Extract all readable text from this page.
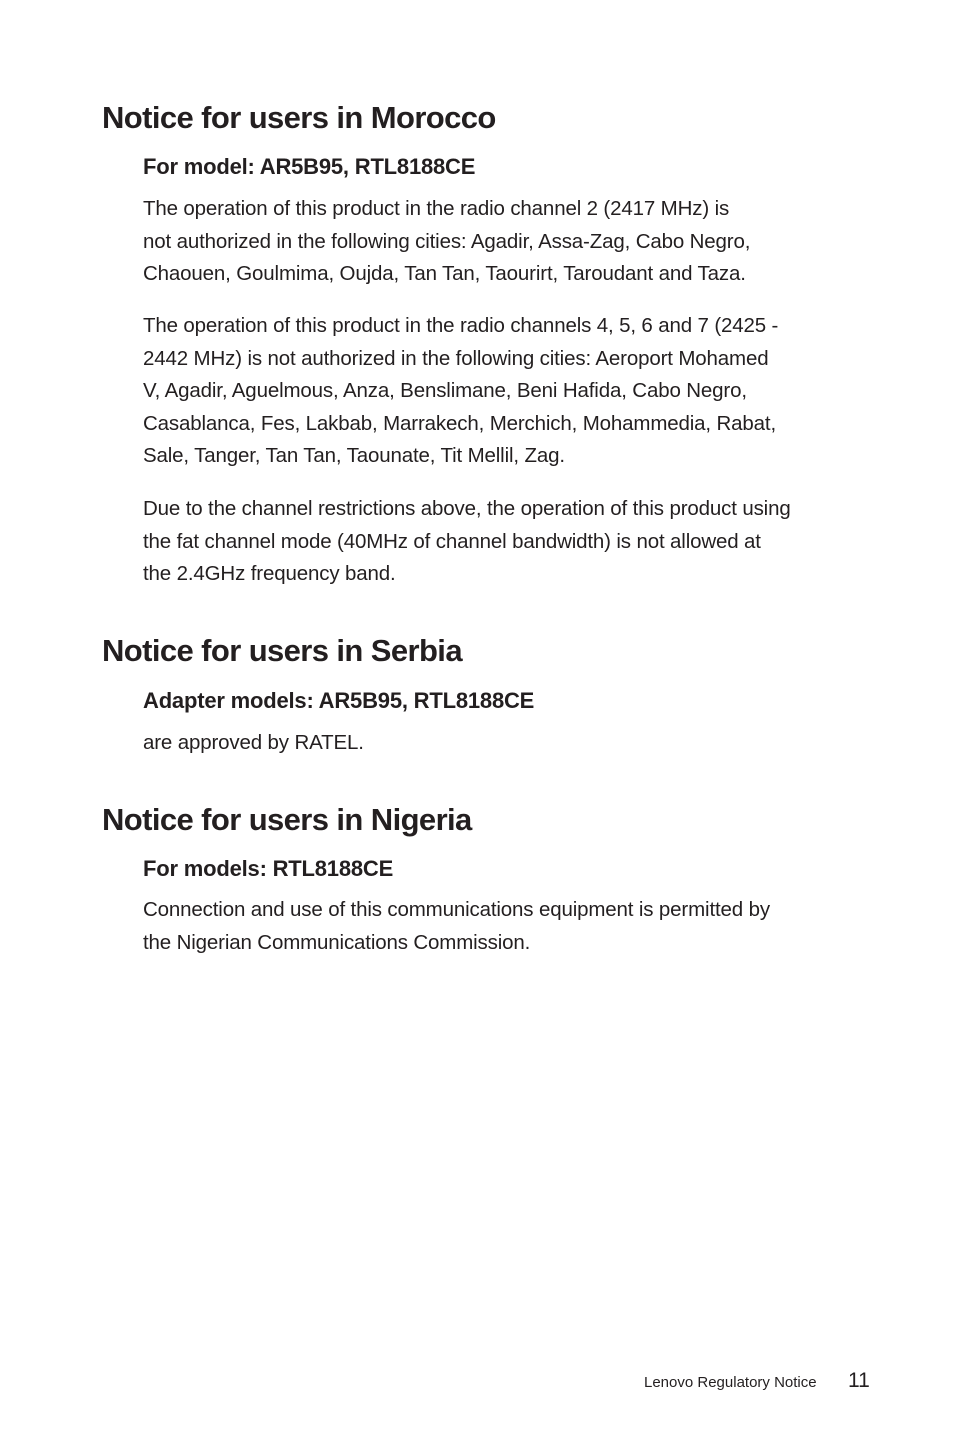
Notice for users in Morocco
For model: AR5B95, RTL8188CE

The operation of this product in the radio channel 2 (2417 MHz) is
not authorized in the following cities: Agadir, Assa-Zag, Cabo Negro,
Chaouen, Goulmima, Oujda, Tan Tan, Taourirt, Taroudant and Taza.

The operation of this product in the radio channels 4, 5, 6 and 7 (2425 -
2442 MHz) is not authorized in the following cities: Aeroport Mohamed
V, Agadir, Aguelmous, Anza, Benslimane, Beni Hafida, Cabo Negro,
Casablanca, Fes, Lakbab, Marrakech, Merchich, Mohammedia, Rabat,
Sale, Tanger, Tan Tan, Taounate, Tit Mellil, Zag.

Due to the channel restrictions above, the operation of this product using
the fat channel mode (40MHz of channel bandwidth) is not allowed at
the 2.4GHz frequency band.

Notice for users in Serbia
Adapter models: AR5B95, RTL8188CE

are approved by RATEL.

Notice for users in Nigeria
For models: RTL8188CE

Connection and use of this communications equipment is permitted by
the Nigerian Communications Commission.

Lenovo Regulatory Notice 11
